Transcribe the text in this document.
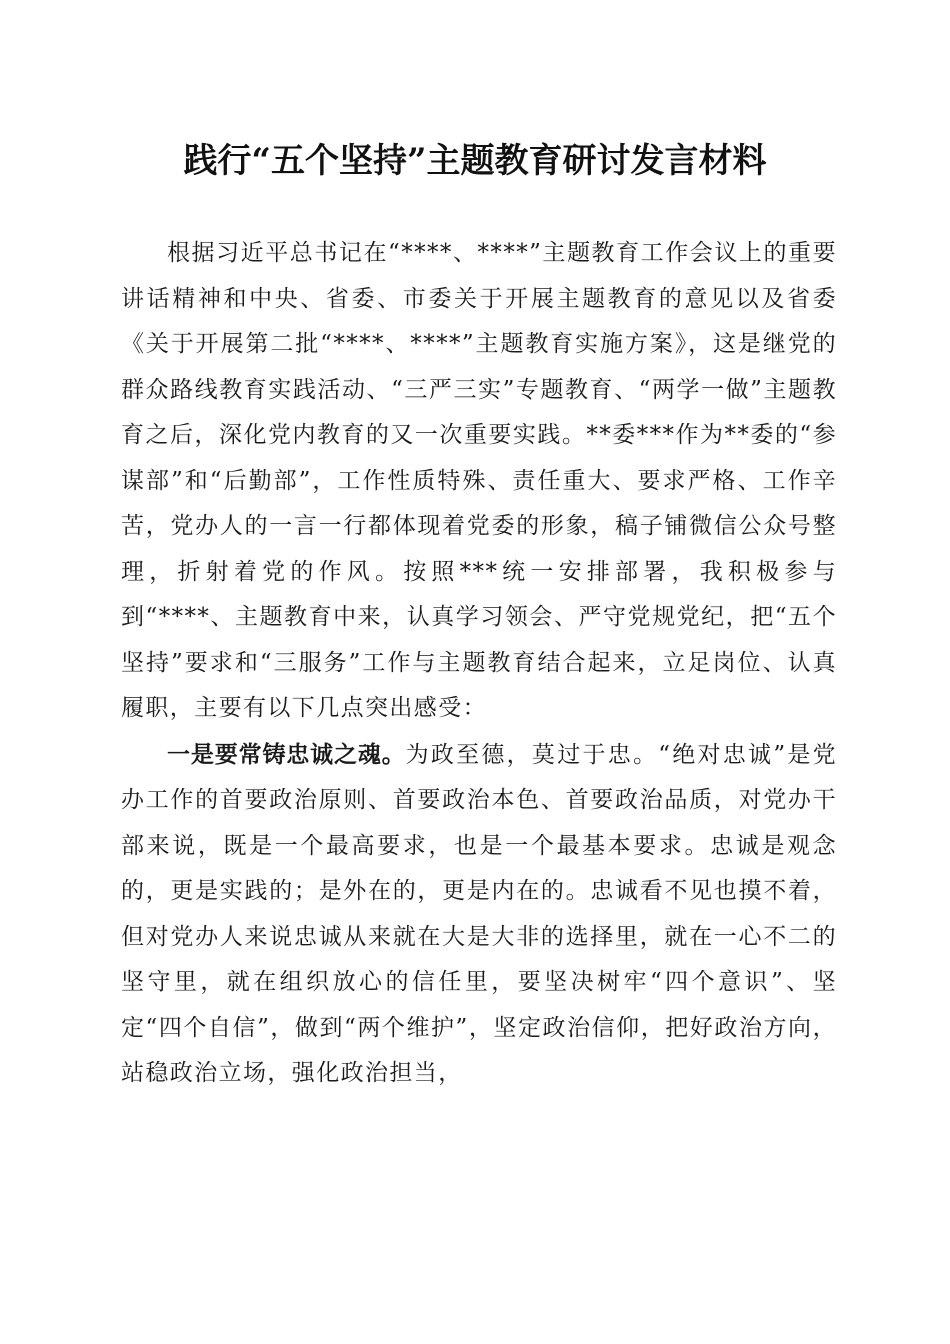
践行“五个坚持”主题教育研讨发言材料

根据习近平总书记在“****、****”主题教育工作会议上的重要讲话精神和中央、省委、市委关于开展主题教育的意见以及省委《关于开展第二批“****、****”主题教育实施方案》，这是继党的群众路线教育实践活动、“三严三实”专题教育、“两学一做”主题教育之后，深化党内教育的又一次重要实践。**委***作为**委的“参谋部”和“后勤部”，工作性质特殊、责任重大、要求严格、工作辛苦，党办人的一言一行都体现着党委的形象，稿子铺微信公众号整理，折射着党的作风。按照***统一安排部署，我积极参与到“****、主题教育中来，认真学习领会、严守党规党纪，把“五个坚持”要求和“三服务”工作与主题教育结合起来，立足岗位、认真履职，主要有以下几点突出感受：

一是要常铸忠诚之魂。为政至德，莫过于忠。“绝对忠诚”是党办工作的首要政治原则、首要政治本色、首要政治品质，对党办干部来说，既是一个最高要求，也是一个最基本要求。忠诚是观念的，更是实践的；是外在的，更是内在的。忠诚看不见也摸不着，但对党办人来说忠诚从来就在大是大非的选择里，就在一心不二的坚守里，就在组织放心的信任里，要坚决树牢“四个意识”、坚定“四个自信”，做到“两个维护”，坚定政治信仰，把好政治方向，站稳政治立场，强化政治担当，
